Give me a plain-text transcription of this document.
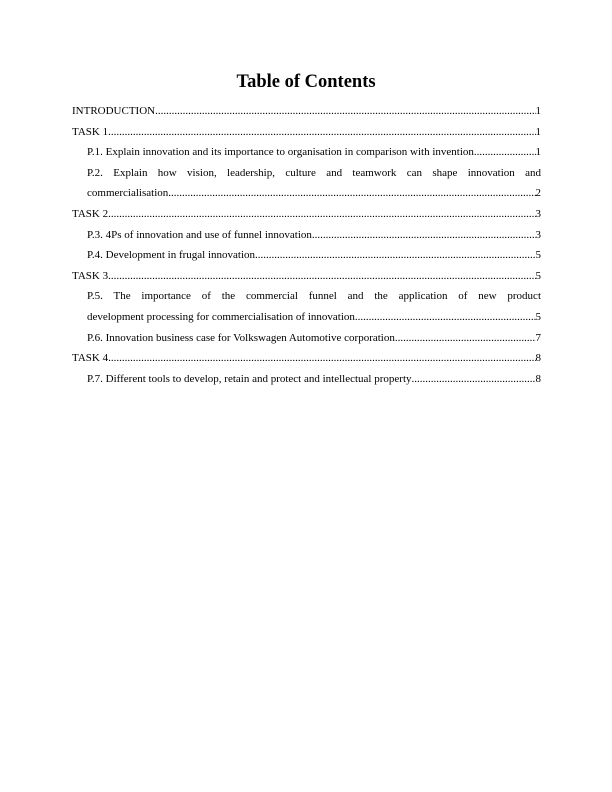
Table of Contents
INTRODUCTION .....	1
TASK 1 .....	1
P.1. Explain innovation and its importance to organisation in comparison with invention .....	1
P.2. Explain how vision, leadership, culture and teamwork can shape innovation and
commercialisation .....	2
TASK 2 .....	3
P.3. 4Ps of innovation and use of funnel innovation .....	3
P.4. Development in frugal innovation .....	5
TASK 3 .....	5
P.5. The importance of the commercial funnel and the application of new product
development processing for commercialisation of innovation .....	5
P.6. Innovation business case for Volkswagen Automotive corporation .....	7
TASK 4 .....	8
P.7. Different tools to develop, retain and protect and intellectual property .....	8
